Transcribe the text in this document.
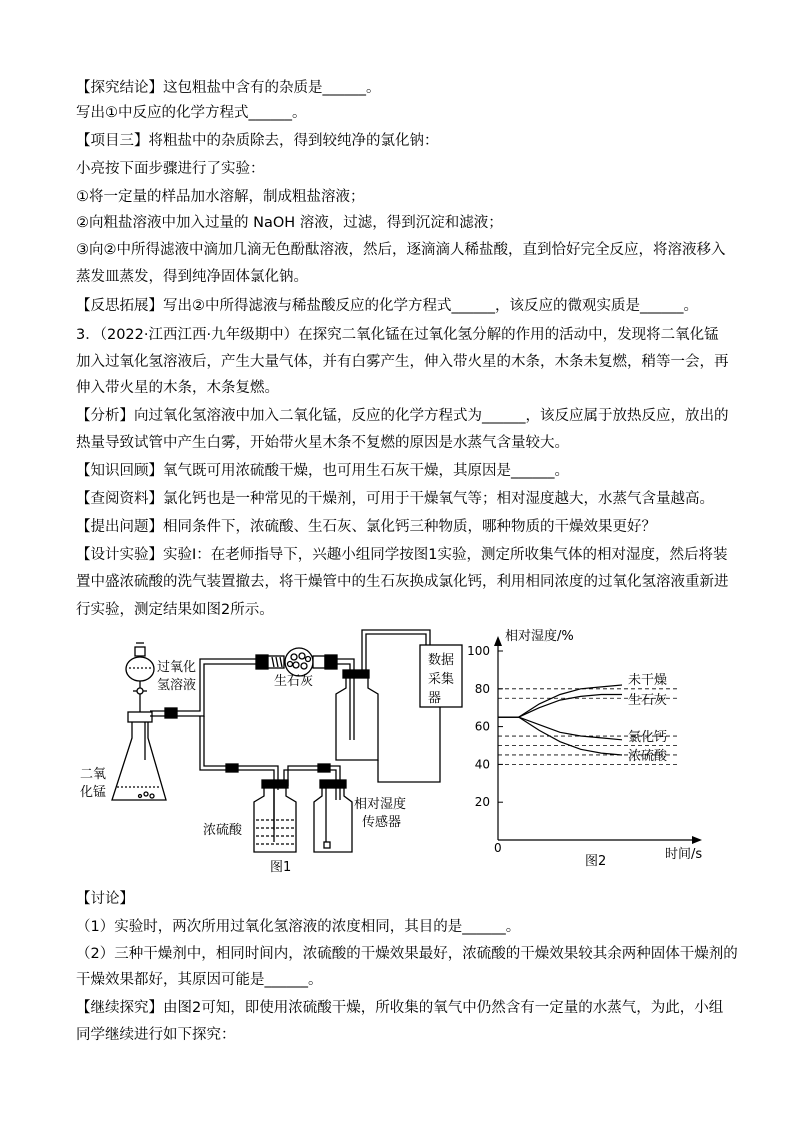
【探究结论】这包粗盐中含有的杂质是______。
写出①中反应的化学方程式______。
【项目三】将粗盐中的杂质除去，得到较纯净的氯化钠：
小亮按下面步骤进行了实验：
①将一定量的样品加水溶解，制成粗盐溶液；
②向粗盐溶液中加入过量的 NaOH 溶液，过滤，得到沉淀和滤液；
③向②中所得滤液中滴加几滴无色酚酞溶液，然后，逐滴滴人稀盐酸，直到恰好完全反应，将溶液移入
蒸发皿蒸发，得到纯净固体氯化钠。
【反思拓展】写出②中所得滤液与稀盐酸反应的化学方程式______，该反应的微观实质是______。
3．（2022·江西江西·九年级期中）在探究二氧化锰在过氧化氢分解的作用的活动中，发现将二氧化锰
加入过氧化氢溶液后，产生大量气体，并有白雾产生，伸入带火星的木条，木条未复燃，稍等一会，再
伸入带火星的木条，木条复燃。
【分析】向过氧化氢溶液中加入二氧化锰，反应的化学方程式为______，该反应属于放热反应，放出的
热量导致试管中产生白雾，开始带火星木条不复燃的原因是水蒸气含量较大。
【知识回顾】氧气既可用浓硫酸干燥，也可用生石灰干燥，其原因是______。
【查阅资料】氯化钙也是一种常见的干燥剂，可用于干燥氧气等；相对湿度越大，水蒸气含量越高。
【提出问题】相同条件下，浓硫酸、生石灰、氯化钙三种物质，哪种物质的干燥效果更好？
【设计实验】实验Ⅰ：在老师指导下，兴趣小组同学按图1实验，测定所收集气体的相对湿度，然后将装
置中盛浓硫酸的洗气装置撤去，将干燥管中的生石灰换成氯化钙，利用相同浓度的过氧化氢溶液重新进
行实验，测定结果如图2所示。
过氧化
氢溶液
二氧
化锰
生石灰
浓硫酸
相对湿度
传感器
数据
采集
器
图1
20
40
60
80
100
未干燥
生石灰
氯化钙
浓硫酸
相对湿度/%
时间/s
0
图2
【讨论】
（1）实验时，两次所用过氧化氢溶液的浓度相同，其目的是______。
（2）三种干燥剂中，相同时间内，浓硫酸的干燥效果最好，浓硫酸的干燥效果较其余两种固体干燥剂的
干燥效果都好，其原因可能是______。
【继续探究】由图2可知，即使用浓硫酸干燥，所收集的氧气中仍然含有一定量的水蒸气，为此，小组
同学继续进行如下探究：
